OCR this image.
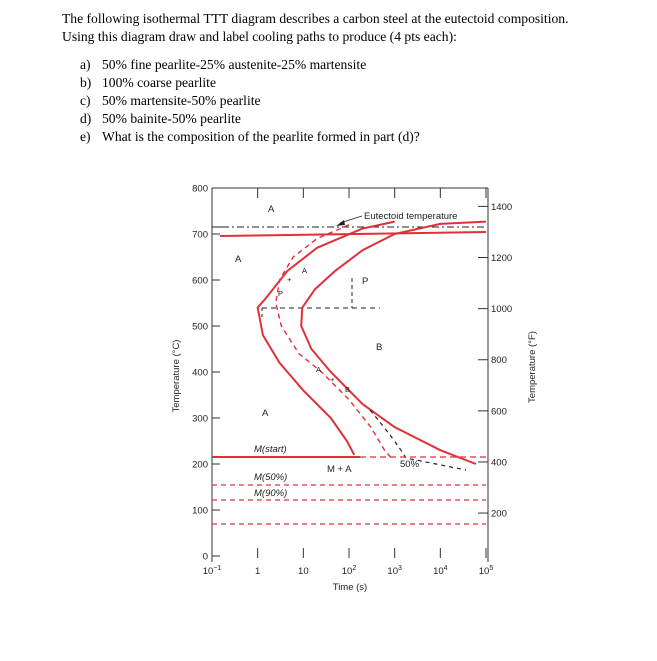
The following isothermal TTT diagram describes a carbon steel at the eutectoid composition.

Using this diagram draw and label cooling paths to produce (4 pts each):

a) 50% fine pearlite-25% austenite-25% martensite
b) 100% coarse pearlite
c) 50% martensite-50% pearlite
d) 50% bainite-50% pearlite
e) What is the composition of the pearlite formed in part (d)?
0
100
200
300
400
500
600
700
800
200
400
600
800
1000
1200
1400
$10^{-1}$	1	10	$10^2$	$10^3$	$10^4$	$10^5$
Temperature (°C)	Temperature (°F)
Time (s)
Eutectoid temperature
A
A
A
P
A
A
B
P
B
M(start)
M(50%)
M(90%)
M + A	50%
+
+
